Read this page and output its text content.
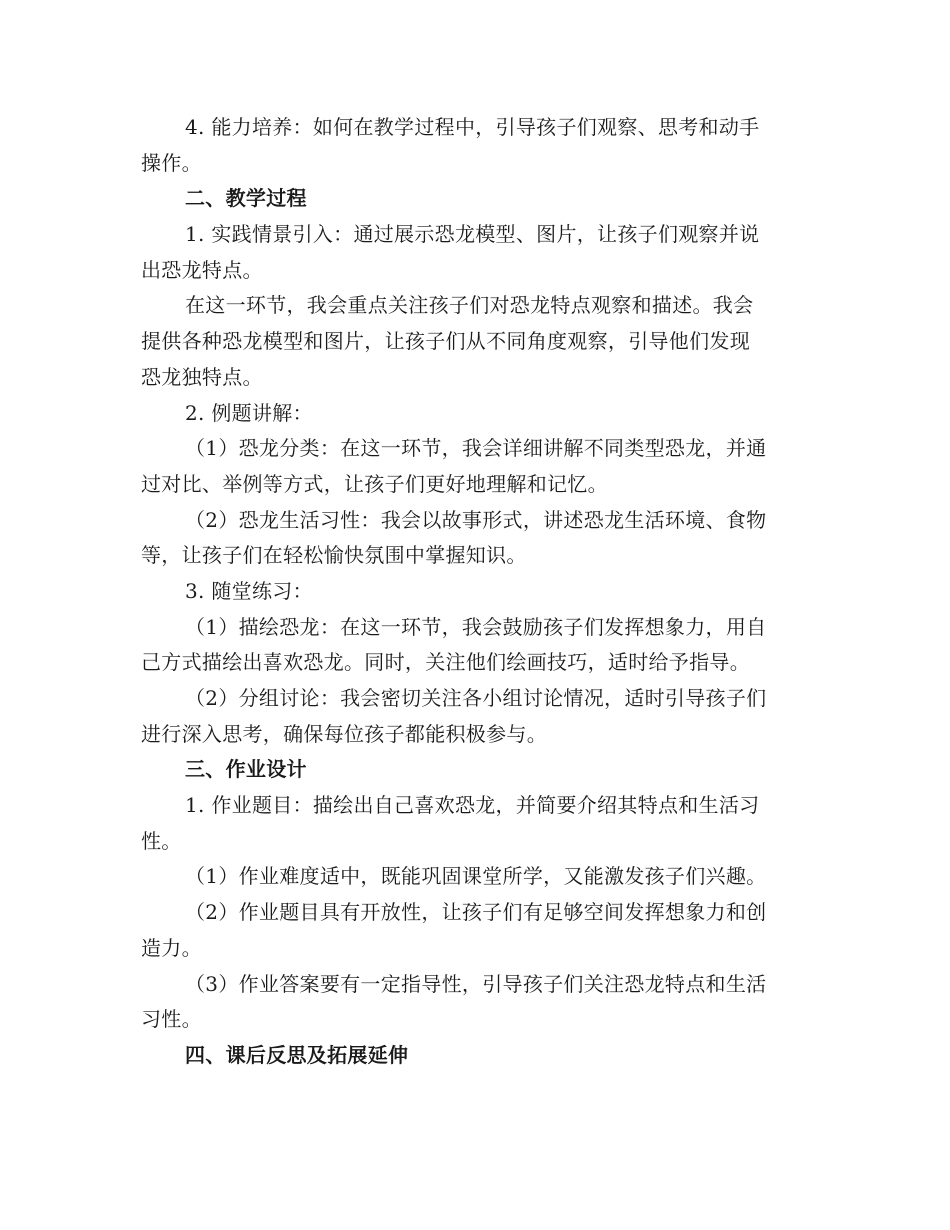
4. 能力培养：如何在教学过程中，引导孩子们观察、思考和动手
操作。
二、教学过程
1. 实践情景引入：通过展示恐龙模型、图片，让孩子们观察并说
出恐龙特点。
在这一环节，我会重点关注孩子们对恐龙特点观察和描述。我会
提供各种恐龙模型和图片，让孩子们从不同角度观察，引导他们发现
恐龙独特点。
2. 例题讲解：
（1）恐龙分类：在这一环节，我会详细讲解不同类型恐龙，并通
过对比、举例等方式，让孩子们更好地理解和记忆。
（2）恐龙生活习性：我会以故事形式，讲述恐龙生活环境、食物
等，让孩子们在轻松愉快氛围中掌握知识。
3. 随堂练习：
（1）描绘恐龙：在这一环节，我会鼓励孩子们发挥想象力，用自
己方式描绘出喜欢恐龙。同时，关注他们绘画技巧，适时给予指导。
（2）分组讨论：我会密切关注各小组讨论情况，适时引导孩子们
进行深入思考，确保每位孩子都能积极参与。
三、作业设计
1. 作业题目：描绘出自己喜欢恐龙，并简要介绍其特点和生活习
性。
（1）作业难度适中，既能巩固课堂所学，又能激发孩子们兴趣。
（2）作业题目具有开放性，让孩子们有足够空间发挥想象力和创
造力。
（3）作业答案要有一定指导性，引导孩子们关注恐龙特点和生活
习性。
四、课后反思及拓展延伸
